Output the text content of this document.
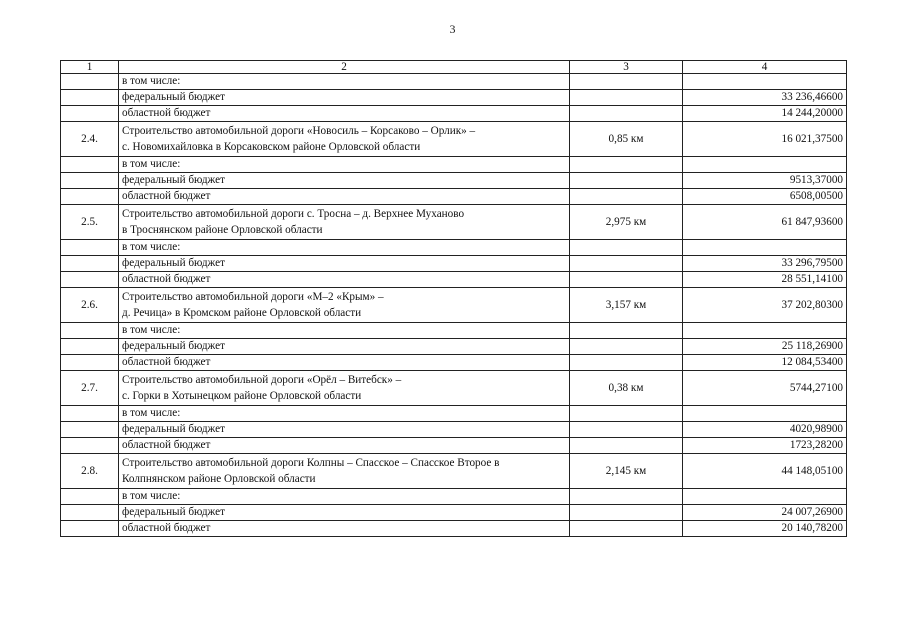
3
1	2	3	4
	в том числе:		
	федеральный бюджет		33 236,46600
	областной бюджет		14 244,20000
2.4.	Строительство автомобильной дороги «Новосиль – Корсаково – Орлик» –
с. Новомихайловка в Корсаковском районе Орловской области	0,85 км	16 021,37500
	в том числе:		
	федеральный бюджет		9513,37000
	областной бюджет		6508,00500
2.5.	Строительство автомобильной дороги с. Тросна – д. Верхнее Муханово
в Троснянском районе Орловской области	2,975 км	61 847,93600
	в том числе:		
	федеральный бюджет		33 296,79500
	областной бюджет		28 551,14100
2.6.	Строительство автомобильной дороги «М–2 «Крым» –
д. Речица» в Кромском районе Орловской области	3,157 км	37 202,80300
	в том числе:		
	федеральный бюджет		25 118,26900
	областной бюджет		12 084,53400
2.7.	Строительство автомобильной дороги «Орёл – Витебск» –
с. Горки в Хотынецком районе Орловской области	0,38 км	5744,27100
	в том числе:		
	федеральный бюджет		4020,98900
	областной бюджет		1723,28200
2.8.	Строительство автомобильной дороги Колпны – Спасское – Спасское Второе в
Колпнянском районе Орловской области	2,145 км	44 148,05100
	в том числе:		
	федеральный бюджет		24 007,26900
	областной бюджет		20 140,78200
